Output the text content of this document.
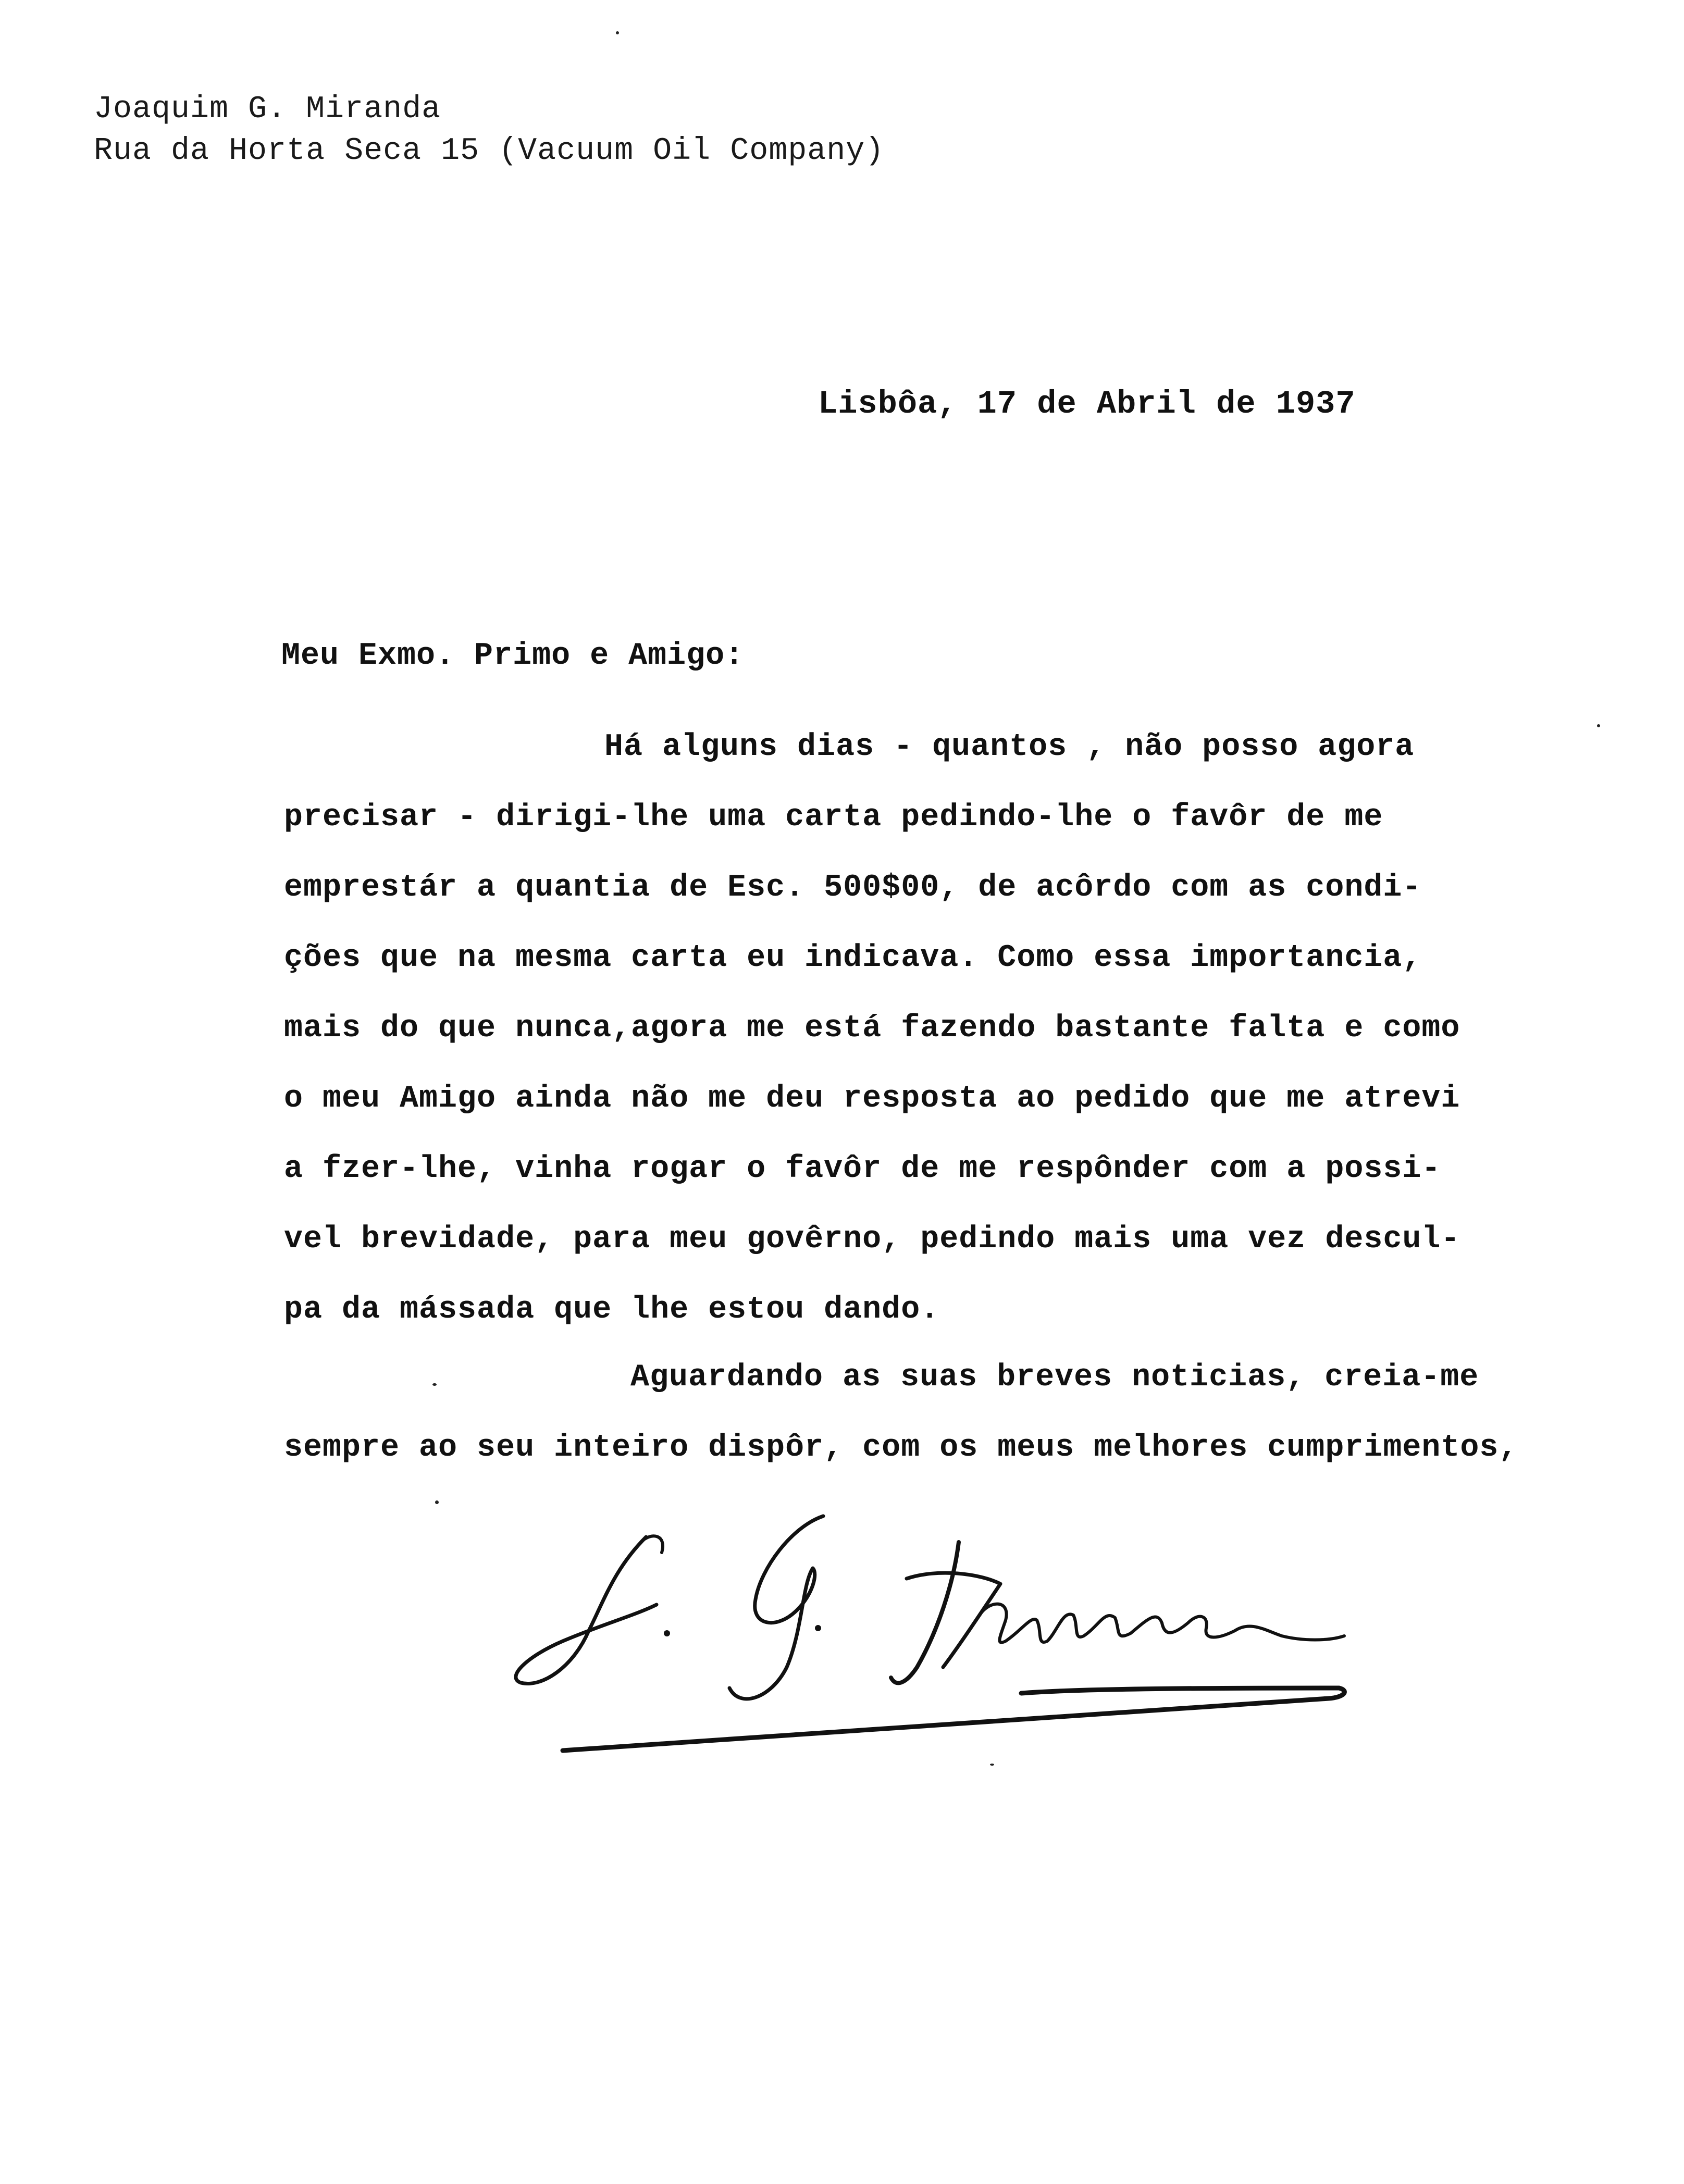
Joaquim G. Miranda
Rua da Horta Seca 15 (Vacuum Oil Company)
Lisbôa, 17 de Abril de 1937
Meu Exmo. Primo e Amigo:
Há alguns dias - quantos , não posso agora
precisar - dirigi-lhe uma carta pedindo-lhe o favôr de me
emprestár a quantia de Esc. 500$00, de acôrdo com as condi-
ções que na mesma carta eu indicava. Como essa importancia,
mais do que nunca,agora me está fazendo bastante falta e como
o meu Amigo ainda não me deu resposta ao pedido que me atrevi
a fzer-lhe, vinha rogar o favôr de me respônder com a possi-
vel brevidade, para meu govêrno, pedindo mais uma vez descul-
pa da mássada que lhe estou dando.
Aguardando as suas breves noticias, creia-me
sempre ao seu inteiro dispôr, com os meus melhores cumprimentos,
